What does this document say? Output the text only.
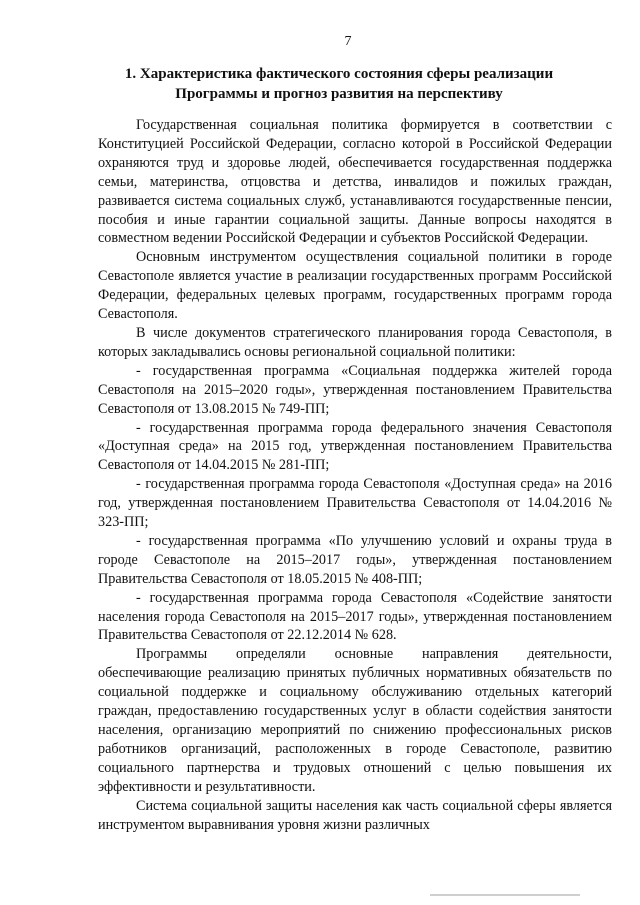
7
1. Характеристика фактического состояния сферы реализации Программы и прогноз развития на перспективу

Государственная социальная политика формируется в соответствии с Конституцией Российской Федерации, согласно которой в Российской Федерации охраняются труд и здоровье людей, обеспечивается государственная поддержка семьи, материнства, отцовства и детства, инвалидов и пожилых граждан, развивается система социальных служб, устанавливаются государственные пенсии, пособия и иные гарантии социальной защиты. Данные вопросы находятся в совместном ведении Российской Федерации и субъектов Российской Федерации.

Основным инструментом осуществления социальной политики в городе Севастополе является участие в реализации государственных программ Российской Федерации, федеральных целевых программ, государственных программ города Севастополя.

В числе документов стратегического планирования города Севастополя, в которых закладывались основы региональной социальной политики:

- государственная программа «Социальная поддержка жителей города Севастополя на 2015–2020 годы», утвержденная постановлением Правительства Севастополя от 13.08.2015 № 749-ПП;

- государственная программа города федерального значения Севастополя «Доступная среда» на 2015 год, утвержденная постановлением Правительства Севастополя от 14.04.2015 № 281-ПП;

- государственная программа города Севастополя «Доступная среда» на 2016 год, утвержденная постановлением Правительства Севастополя от 14.04.2016 № 323-ПП;

- государственная программа «По улучшению условий и охраны труда в городе Севастополе на 2015–2017 годы», утвержденная постановлением Правительства Севастополя от 18.05.2015 № 408-ПП;

- государственная программа города Севастополя «Содействие занятости населения города Севастополя на 2015–2017 годы», утвержденная постановлением Правительства Севастополя от 22.12.2014 № 628.

Программы определяли основные направления деятельности, обеспечивающие реализацию принятых публичных нормативных обязательств по социальной поддержке и социальному обслуживанию отдельных категорий граждан, предоставлению государственных услуг в области содействия занятости населения, организацию мероприятий по снижению профессиональных рисков работников организаций, расположенных в городе Севастополе, развитию социального партнерства и трудовых отношений с целью повышения их эффективности и результативности.

Система социальной защиты населения как часть социальной сферы является инструментом выравнивания уровня жизни различных
